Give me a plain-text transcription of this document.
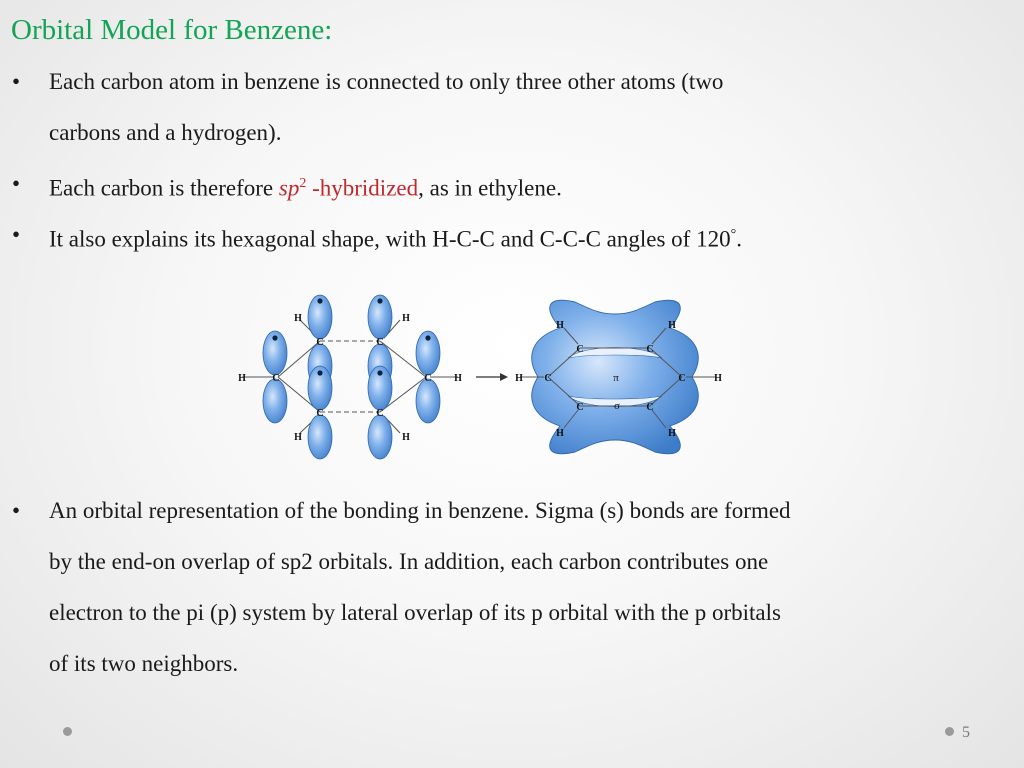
Orbital Model for Benzene:
• Each carbon atom in benzene is connected to only three other atoms (two
carbons and a hydrogen).
• Each carbon is therefore $sp^2$ -hybridized, as in ethylene.
• It also explains its hexagonal shape, with H-C-C and C-C-C angles of 120°.
• An orbital representation of the bonding in benzene. Sigma (s) bonds are formed
by the end-on overlap of sp2 orbitals. In addition, each carbon contributes one
electron to the pi (p) system by lateral overlap of its p orbital with the p orbitals
of its two neighbors.
C	C
C	C
C	C
H	H
H	H
H	H
C	C
C	C
C	C
H	H
H	H
H	H
π
σ
5
